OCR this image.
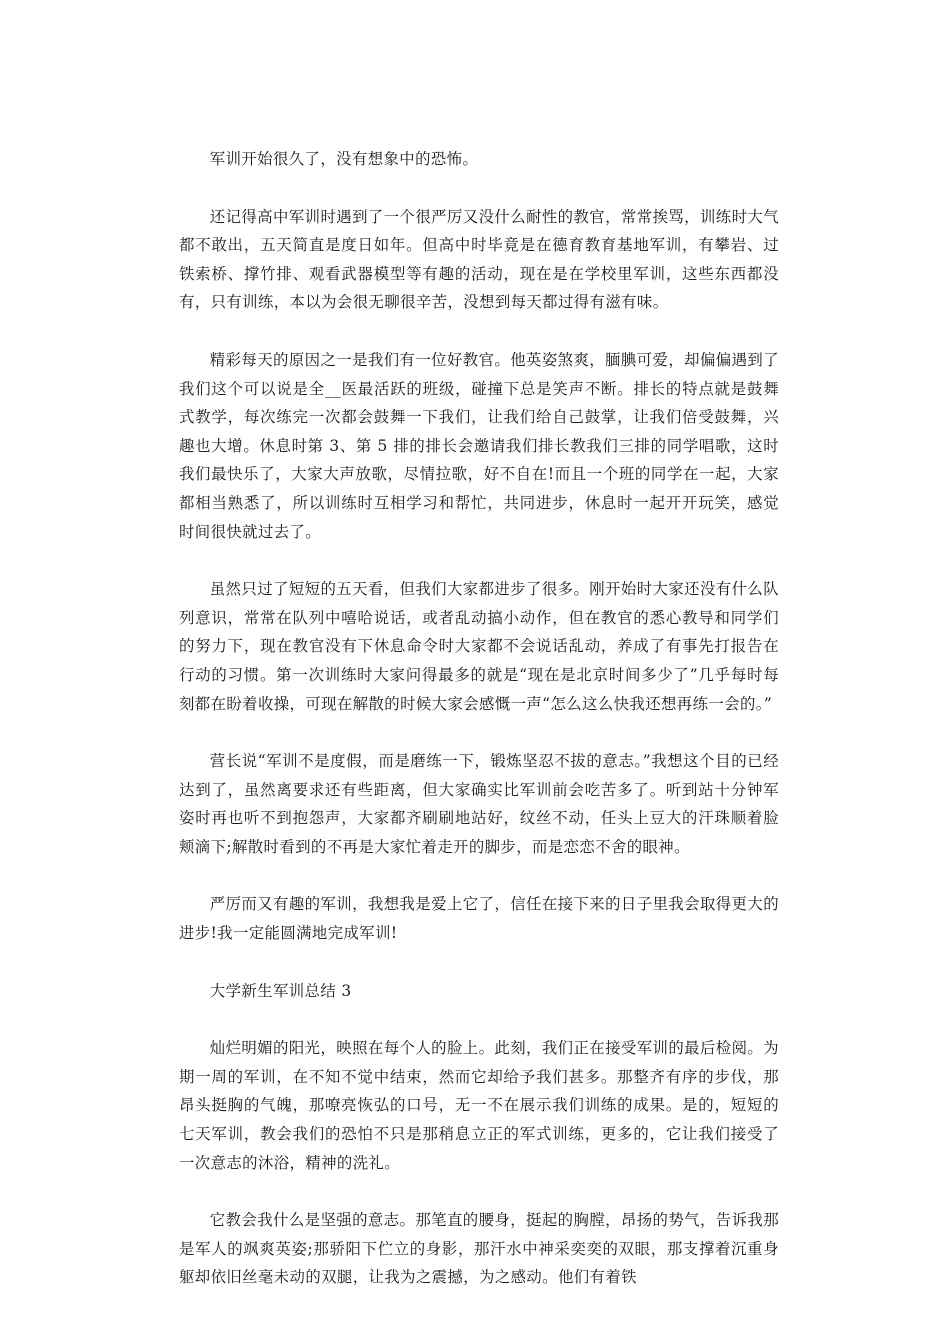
军训开始很久了，没有想象中的恐怖。

还记得高中军训时遇到了一个很严厉又没什么耐性的教官，常常挨骂，训练时大气都不敢出，五天简直是度日如年。但高中时毕竟是在德育教育基地军训，有攀岩、过铁索桥、撑竹排、观看武器模型等有趣的活动，现在是在学校里军训，这些东西都没有，只有训练，本以为会很无聊很辛苦，没想到每天都过得有滋有味。

精彩每天的原因之一是我们有一位好教官。他英姿煞爽，腼腆可爱，却偏偏遇到了我们这个可以说是全__医最活跃的班级，碰撞下总是笑声不断。排长的特点就是鼓舞式教学，每次练完一次都会鼓舞一下我们，让我们给自己鼓掌，让我们倍受鼓舞，兴趣也大增。休息时第 3、第 5 排的排长会邀请我们排长教我们三排的同学唱歌，这时我们最快乐了，大家大声放歌，尽情拉歌，好不自在!而且一个班的同学在一起，大家都相当熟悉了，所以训练时互相学习和帮忙，共同进步，休息时一起开开玩笑，感觉时间很快就过去了。

虽然只过了短短的五天看，但我们大家都进步了很多。刚开始时大家还没有什么队列意识，常常在队列中嘻哈说话，或者乱动搞小动作，但在教官的悉心教导和同学们的努力下，现在教官没有下休息命令时大家都不会说话乱动，养成了有事先打报告在行动的习惯。第一次训练时大家问得最多的就是“现在是北京时间多少了”几乎每时每刻都在盼着收操，可现在解散的时候大家会感慨一声“怎么这么快我还想再练一会的。”

营长说“军训不是度假，而是磨练一下，锻炼坚忍不拔的意志。”我想这个目的已经达到了，虽然离要求还有些距离，但大家确实比军训前会吃苦多了。听到站十分钟军姿时再也听不到抱怨声，大家都齐刷刷地站好，纹丝不动，任头上豆大的汗珠顺着脸颊滴下;解散时看到的不再是大家忙着走开的脚步，而是恋恋不舍的眼神。

严厉而又有趣的军训，我想我是爱上它了，信任在接下来的日子里我会取得更大的进步!我一定能圆满地完成军训!

大学新生军训总结 3

灿烂明媚的阳光，映照在每个人的脸上。此刻，我们正在接受军训的最后检阅。为期一周的军训，在不知不觉中结束，然而它却给予我们甚多。那整齐有序的步伐，那昂头挺胸的气魄，那嘹亮恢弘的口号，无一不在展示我们训练的成果。是的，短短的七天军训，教会我们的恐怕不只是那稍息立正的军式训练，更多的，它让我们接受了一次意志的沐浴，精神的洗礼。

它教会我什么是坚强的意志。那笔直的腰身，挺起的胸膛，昂扬的势气，告诉我那是军人的飒爽英姿;那骄阳下伫立的身影，那汗水中神采奕奕的双眼，那支撑着沉重身躯却依旧丝毫未动的双腿，让我为之震撼，为之感动。他们有着铁
